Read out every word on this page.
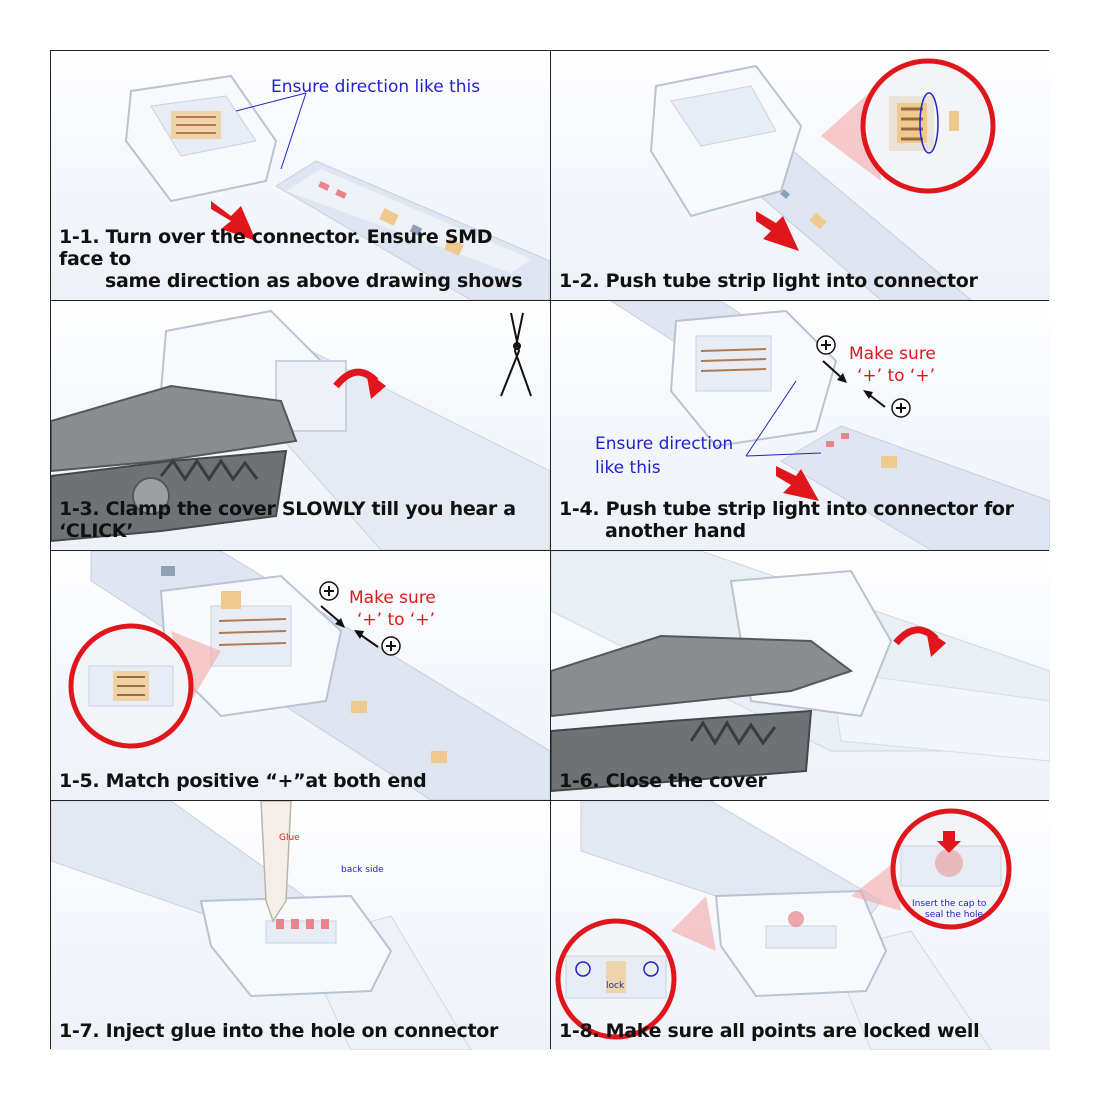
Ensure direction like this
1-1. Turn over the connector. Ensure SMD face to
same direction as above drawing shows	1-2. Push tube strip light into connector
1-3. Clamp the cover SLOWLY till you hear a ‘CLICK’
Make sure
‘+’ to ‘+’
Ensure direction
like this
1-4. Push tube strip light into connector for
another hand
Make sure
‘+’ to ‘+’
1-5. Match positive “+”at both end	1-6. Close the cover
Glue
back side
1-7. Inject glue into the hole on connector
Insert the cap to
seal the hole
lock
1-8. Make sure all points are locked well
